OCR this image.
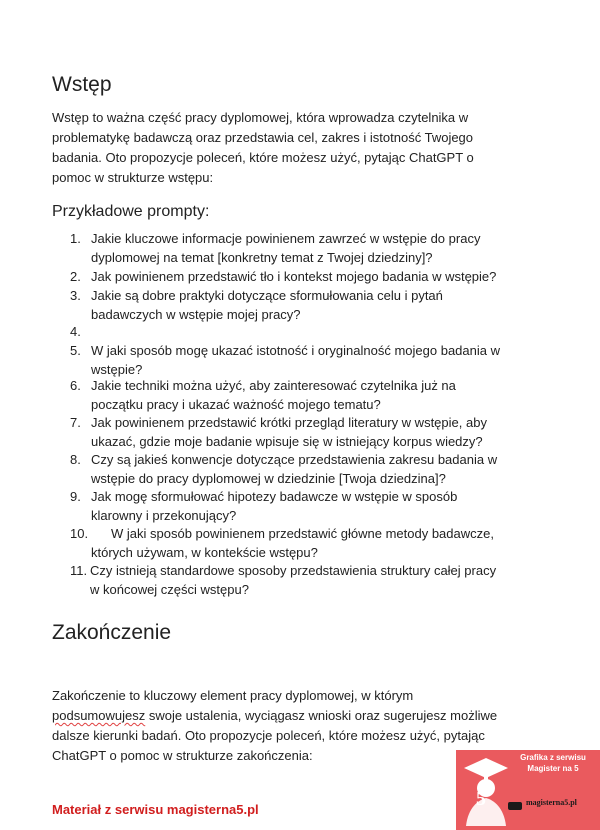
Wstęp

Wstęp to ważna część pracy dyplomowej, która wprowadza czytelnika w
problematykę badawczą oraz przedstawia cel, zakres i istotność Twojego
badania. Oto propozycje poleceń, które możesz użyć, pytając ChatGPT o
pomoc w strukturze wstępu:

Przykładowe prompty:
1. Jakie kluczowe informacje powinienem zawrzeć w wstępie do pracy
dyplomowej na temat [konkretny temat z Twojej dziedziny]?
2. Jak powinienem przedstawić tło i kontekst mojego badania w wstępie?
3. Jakie są dobre praktyki dotyczące sformułowania celu i pytań
badawczych w wstępie mojej pracy?
4.
5. W jaki sposób mogę ukazać istotność i oryginalność mojego badania w
wstępie?
6. Jakie techniki można użyć, aby zainteresować czytelnika już na
początku pracy i ukazać ważność mojego tematu?
7. Jak powinienem przedstawić krótki przegląd literatury w wstępie, aby
ukazać, gdzie moje badanie wpisuje się w istniejący korpus wiedzy?
8. Czy są jakieś konwencje dotyczące przedstawienia zakresu badania w
wstępie do pracy dyplomowej w dziedzinie [Twoja dziedzina]?
9. Jak mogę sformułować hipotezy badawcze w wstępie w sposób
klarowny i przekonujący?
10. W jaki sposób powinienem przedstawić główne metody badawcze,
których używam, w kontekście wstępu?
11. Czy istnieją standardowe sposoby przedstawienia struktury całej pracy
w końcowej części wstępu?
Zakończenie

Zakończenie to kluczowy element pracy dyplomowej, w którym
podsumowujesz swoje ustalenia, wyciągasz wnioski oraz sugerujesz możliwe
dalsze kierunki badań. Oto propozycje poleceń, które możesz użyć, pytając
ChatGPT o pomoc w strukturze zakończenia:

Materiał z serwisu magisterna5.pl
Grafika z serwisu
Magister na 5
5	magisterna5.pl
